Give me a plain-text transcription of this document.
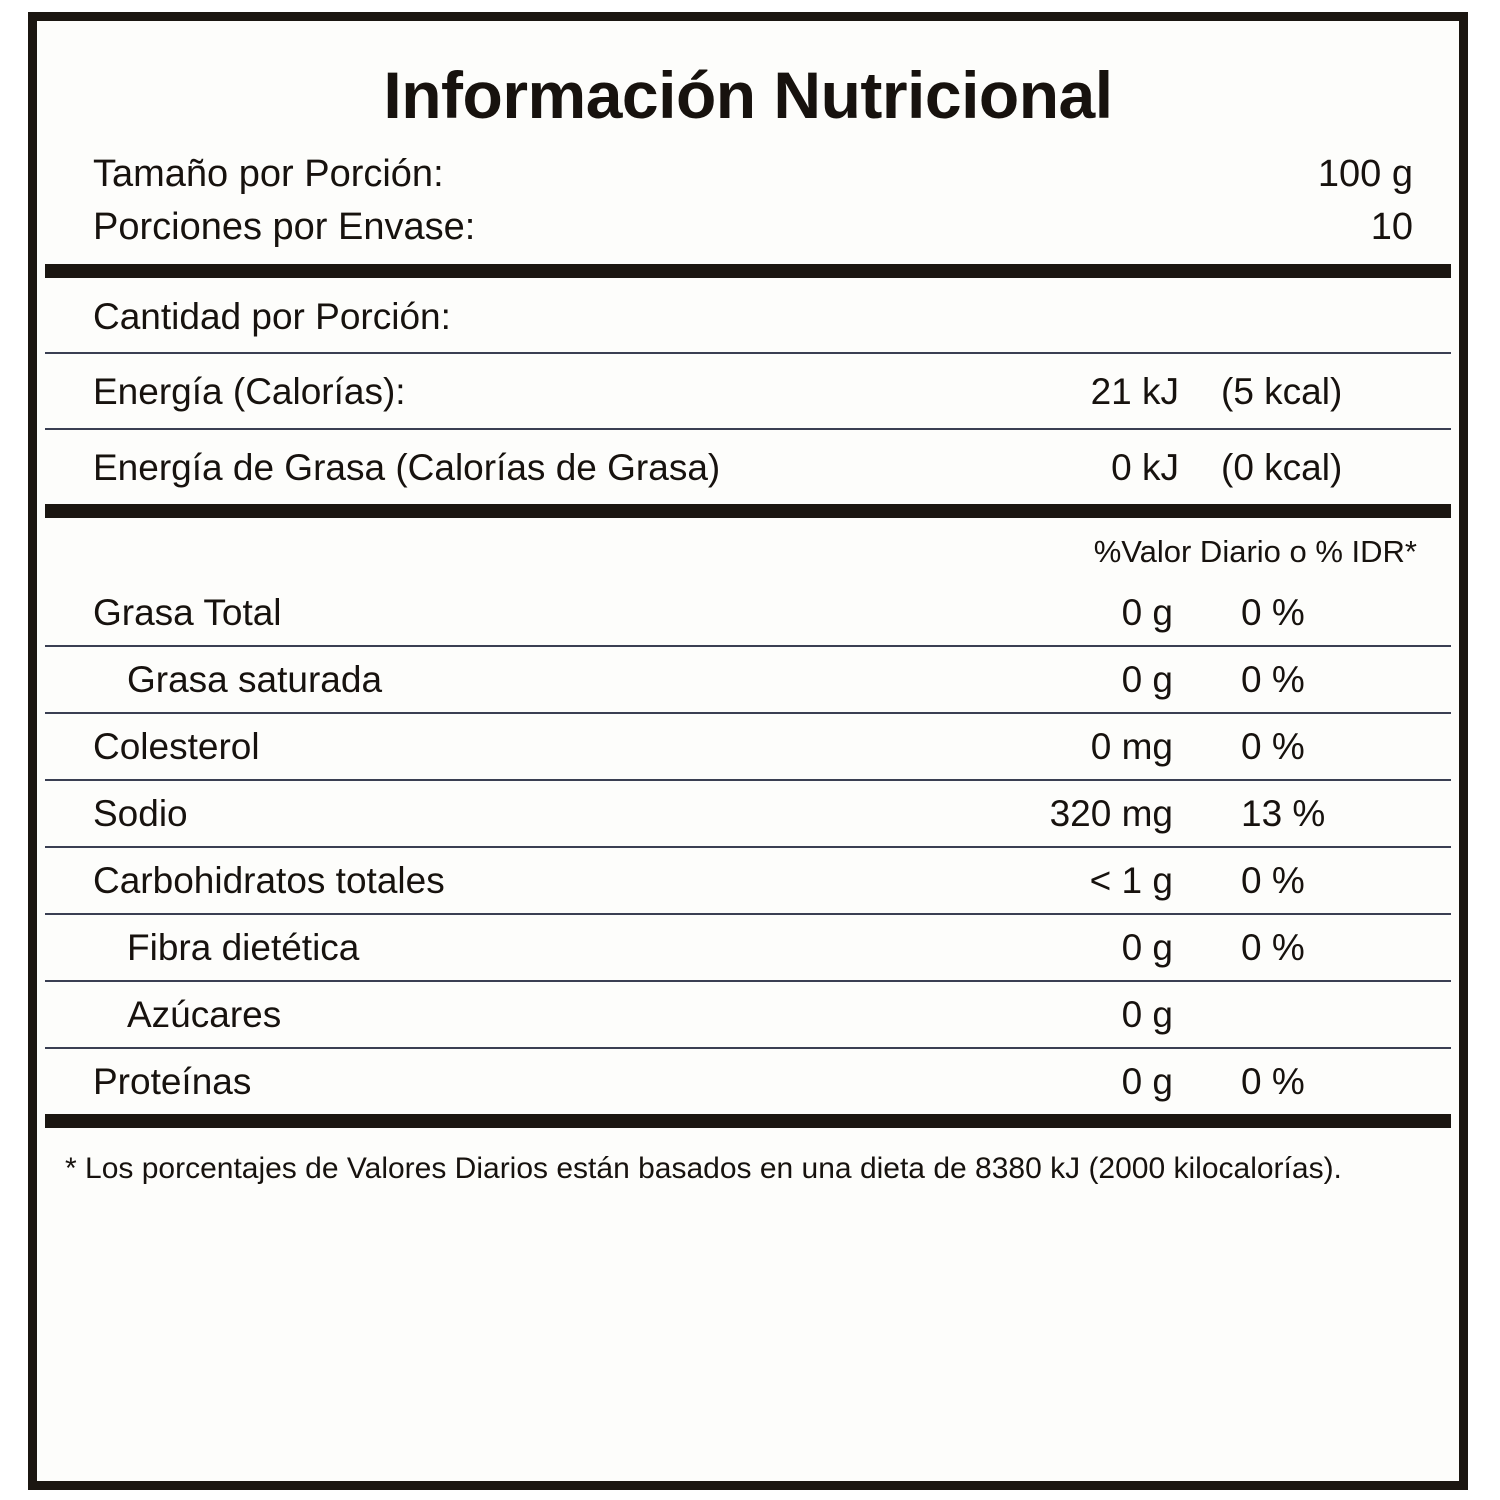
Información Nutricional
Tamaño por Porción:	100 g
Porciones por Envase:	10
Cantidad por Porción:
Energía (Calorías):	21 kJ	(5 kcal)
Energía de Grasa (Calorías de Grasa)	0 kJ	(0 kcal)
%Valor Diario o % IDR*
Grasa Total	0 g	0 %
Grasa saturada	0 g	0 %
Colesterol	0 mg	0 %
Sodio	320 mg	13 %
Carbohidratos totales	< 1 g	0 %
Fibra dietética	0 g	0 %
Azúcares	0 g
Proteínas	0 g	0 %
* Los porcentajes de Valores Diarios están basados en una dieta de 8380 kJ (2000 kilocalorías).
